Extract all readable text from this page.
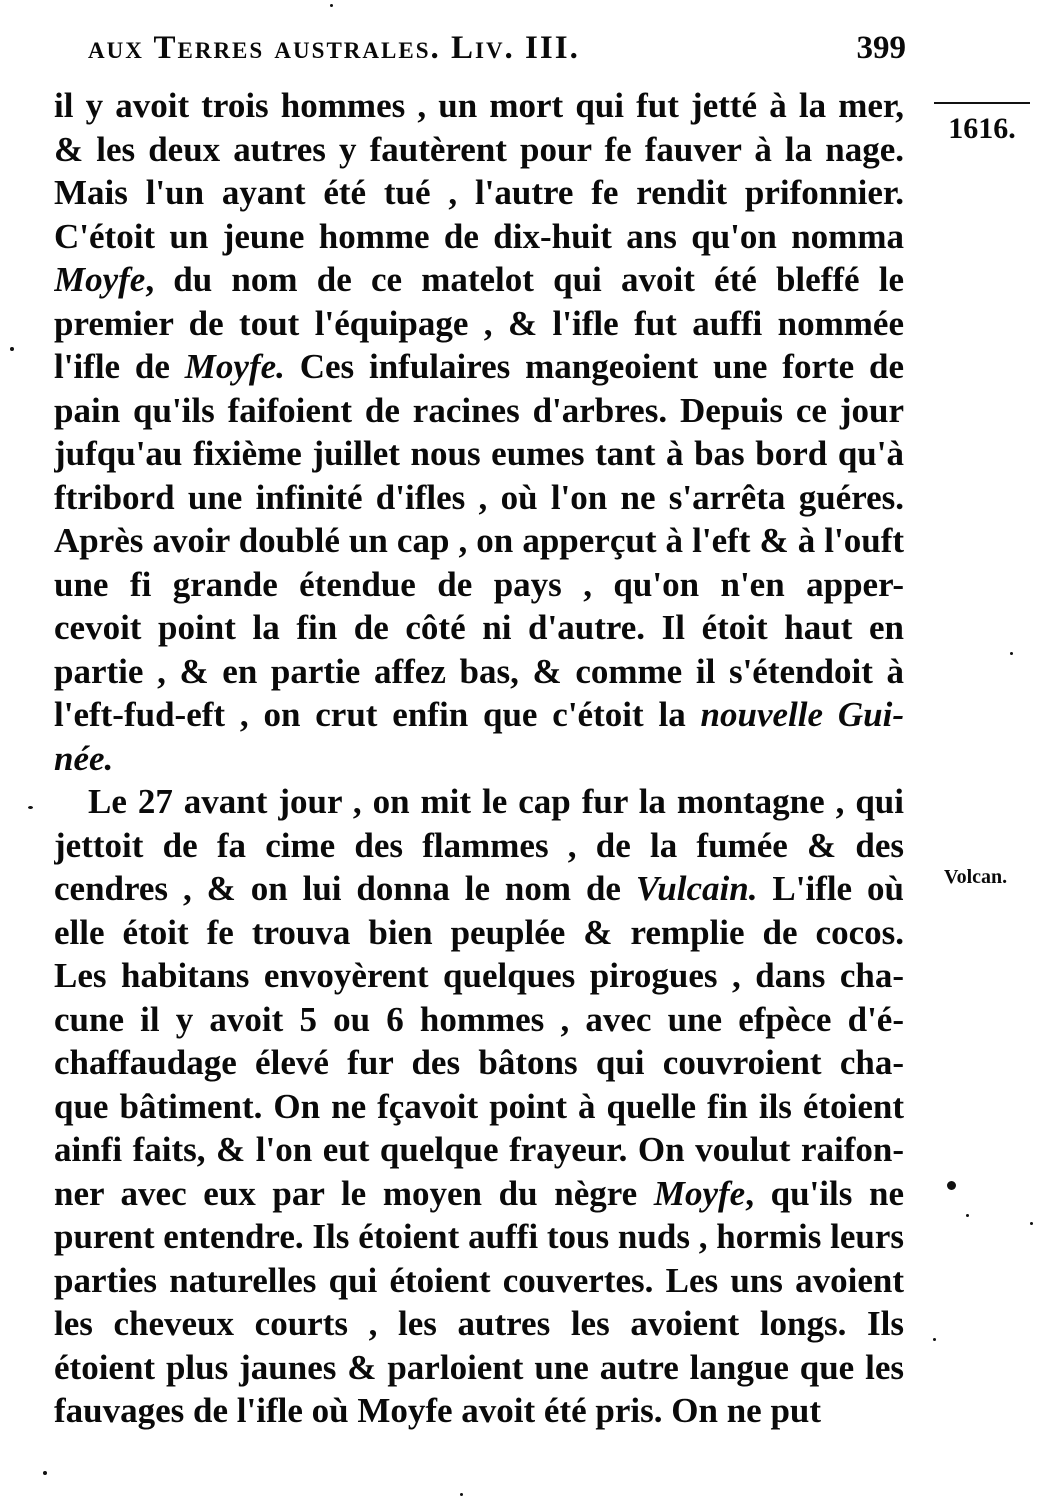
aux Terres australes. Liv. III.	399
1616.
Volcan.
il y avoit trois hommes , un mort qui fut jetté à la mer,
& les deux autres y fautèrent pour fe fauver à la nage.
Mais l'un ayant été tué , l'autre fe rendit prifonnier.
C'étoit un jeune homme de dix-huit ans qu'on nomma
Moyfe, du nom de ce matelot qui avoit été bleffé le
premier de tout l'équipage , & l'ifle fut auffi nommée
l'ifle de Moyfe. Ces infulaires mangeoient une forte de
pain qu'ils faifoient de racines d'arbres. Depuis ce jour
jufqu'au fixième juillet nous eumes tant à bas bord qu'à
ftribord une infinité d'ifles , où l'on ne s'arrêta guéres.
Après avoir doublé un cap , on apperçut à l'eft & à l'ouft
une fi grande étendue de pays , qu'on n'en apper-
cevoit point la fin de côté ni d'autre. Il étoit haut en
partie , & en partie affez bas, & comme il s'étendoit à
l'eft-fud-eft , on crut enfin que c'étoit la nouvelle Gui-
née.
Le 27 avant jour , on mit le cap fur la montagne , qui
jettoit de fa cime des flammes , de la fumée & des
cendres , & on lui donna le nom de Vulcain. L'ifle où
elle étoit fe trouva bien peuplée & remplie de cocos.
Les habitans envoyèrent quelques pirogues , dans cha-
cune il y avoit 5 ou 6 hommes , avec une efpèce d'é-
chaffaudage élevé fur des bâtons qui couvroient cha-
que bâtiment. On ne fçavoit point à quelle fin ils étoient
ainfi faits, & l'on eut quelque frayeur. On voulut raifon-
ner avec eux par le moyen du nègre Moyfe, qu'ils ne
purent entendre. Ils étoient auffi tous nuds , hormis leurs
parties naturelles qui étoient couvertes. Les uns avoient
les cheveux courts , les autres les avoient longs. Ils
étoient plus jaunes & parloient une autre langue que les
fauvages de l'ifle où Moyfe avoit été pris. On ne put
